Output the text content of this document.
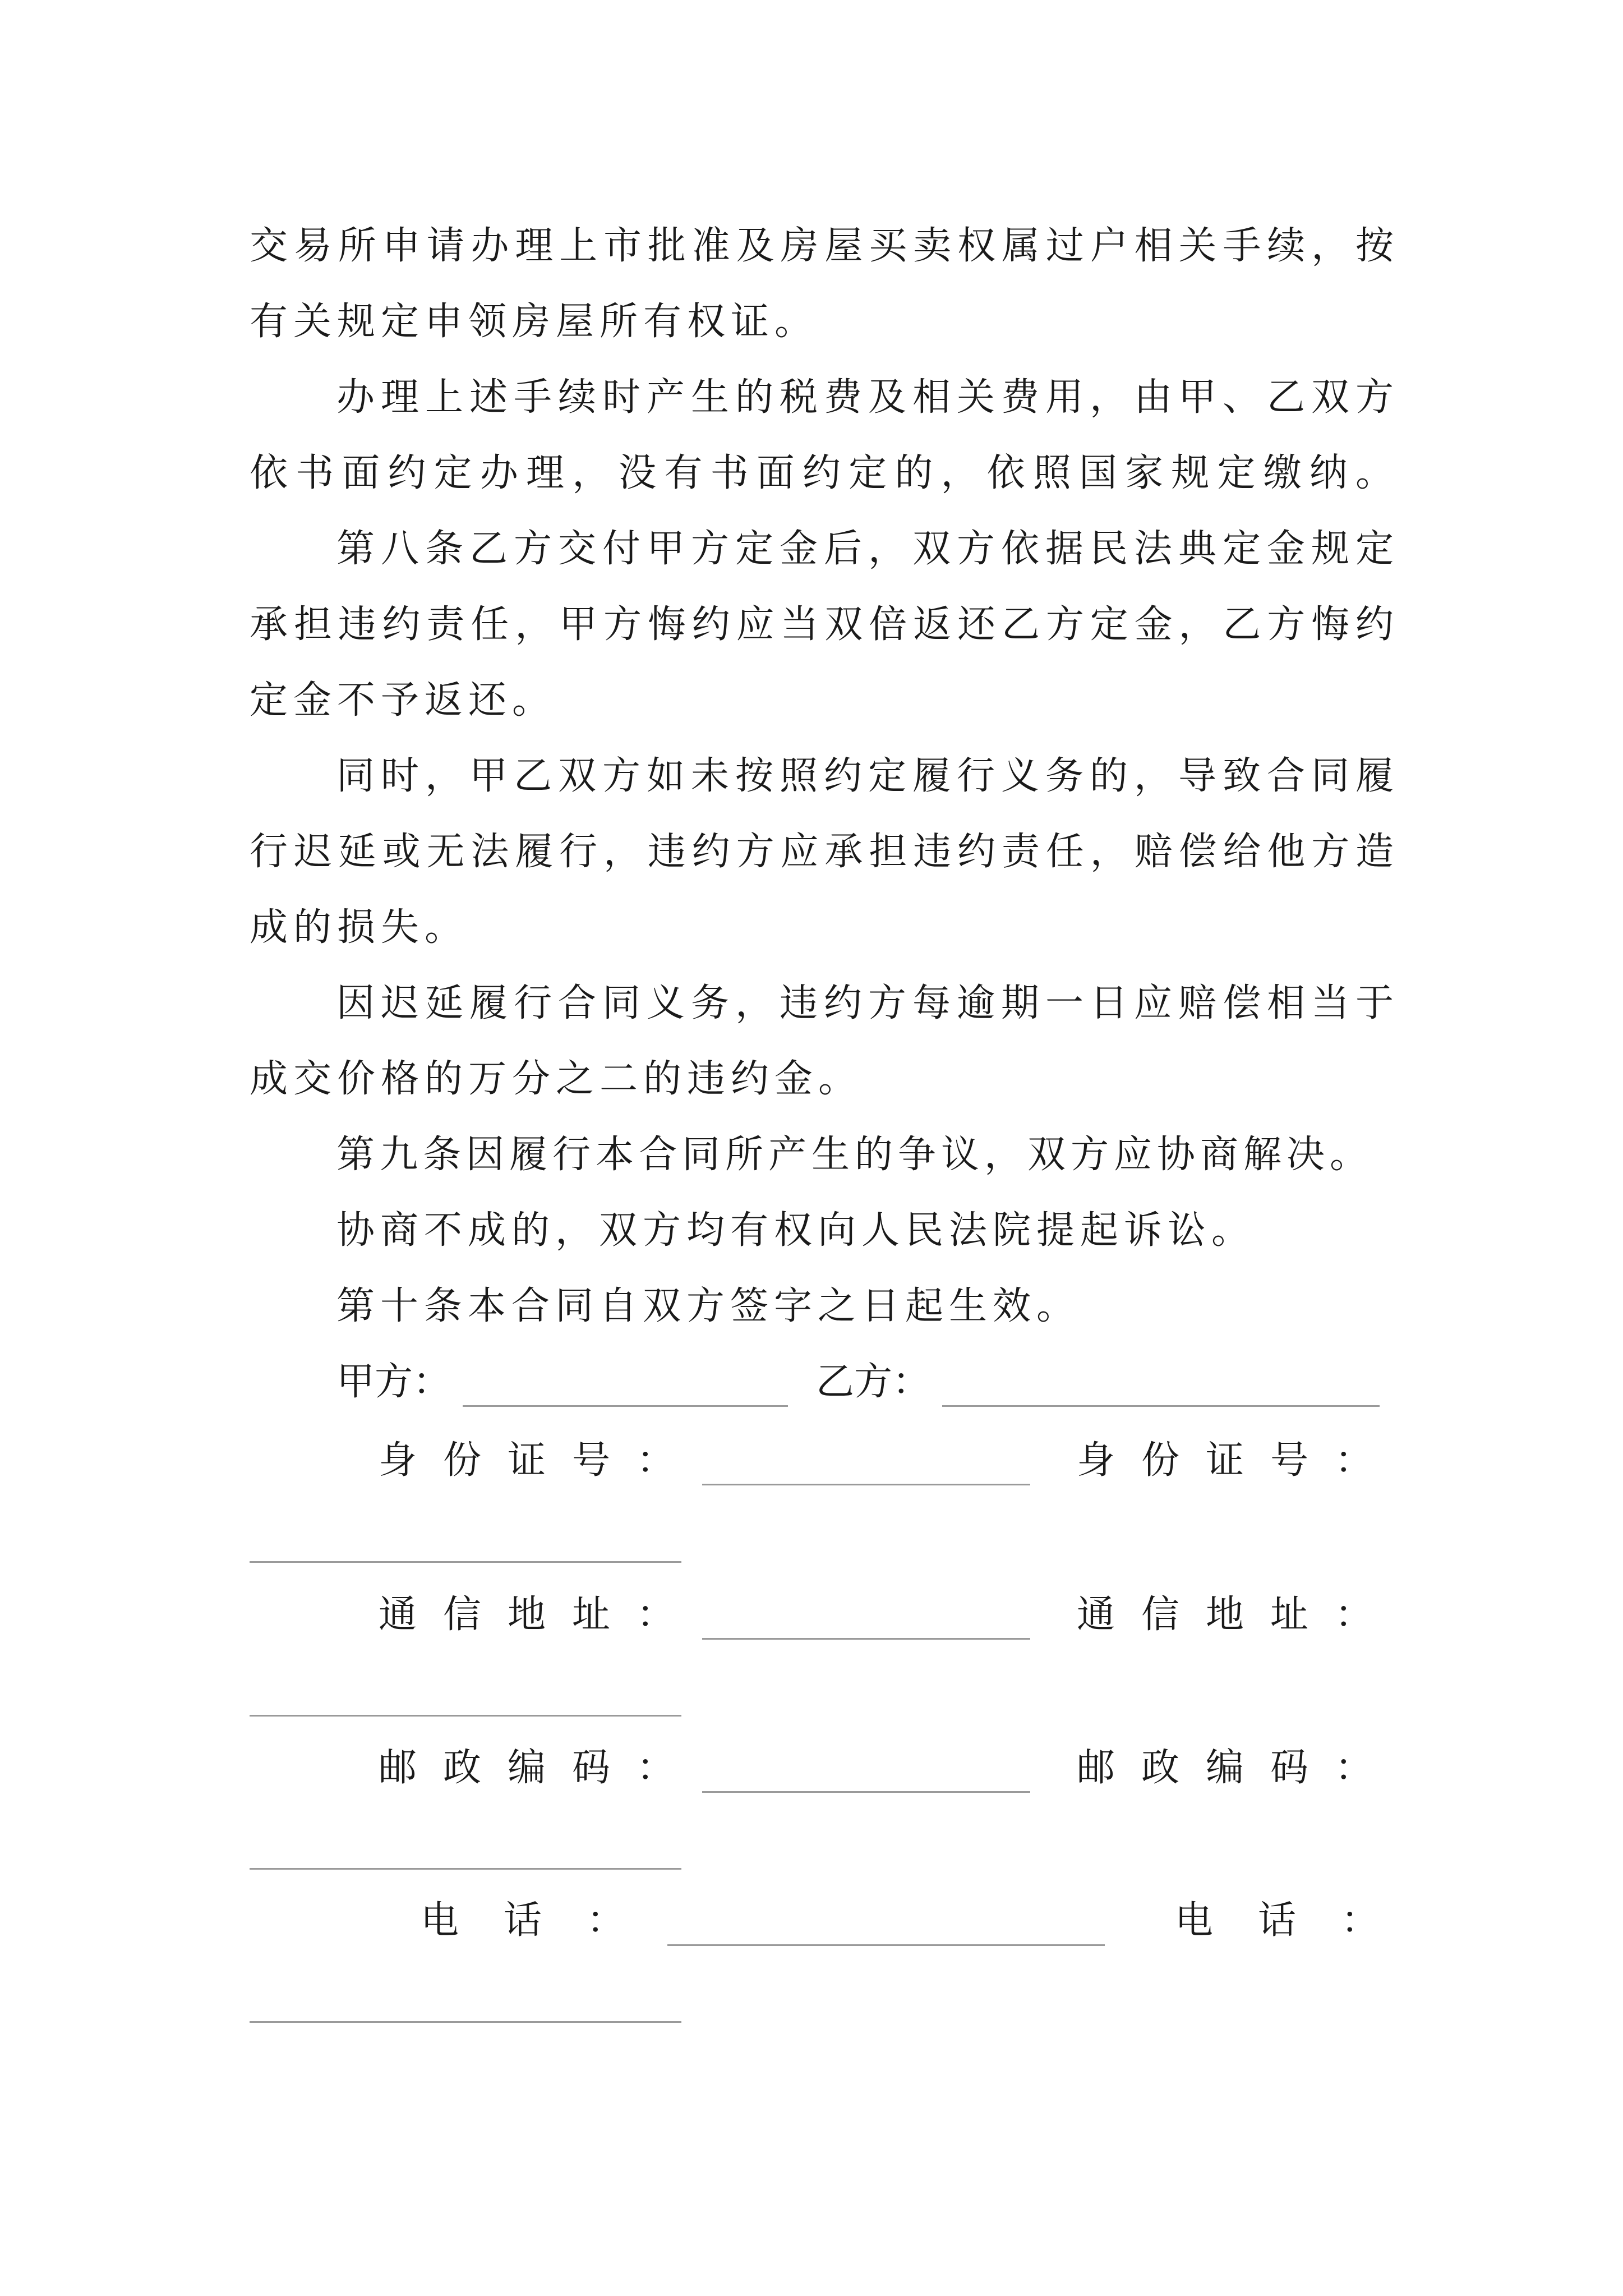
交易所申请办理上市批准及房屋买卖权属过户相关手续，按
有关规定申领房屋所有权证。
办理上述手续时产生的税费及相关费用，由甲、乙双方
依书面约定办理，没有书面约定的，依照国家规定缴纳。
第八条乙方交付甲方定金后，双方依据民法典定金规定
承担违约责任，甲方悔约应当双倍返还乙方定金，乙方悔约
定金不予返还。
同时，甲乙双方如未按照约定履行义务的，导致合同履
行迟延或无法履行，违约方应承担违约责任，赔偿给他方造
成的损失。
因迟延履行合同义务，违约方每逾期一日应赔偿相当于
成交价格的万分之二的违约金。
第九条因履行本合同所产生的争议，双方应协商解决。
协商不成的，双方均有权向人民法院提起诉讼。
第十条本合同自双方签字之日起生效。
甲方：	乙方：
身 份 证 号 ：	身 份 证 号 ：
通 信 地 址 ：	通 信 地 址 ：
邮 政 编 码 ：	邮 政 编 码 ：
电 话 ：	电 话 ：
